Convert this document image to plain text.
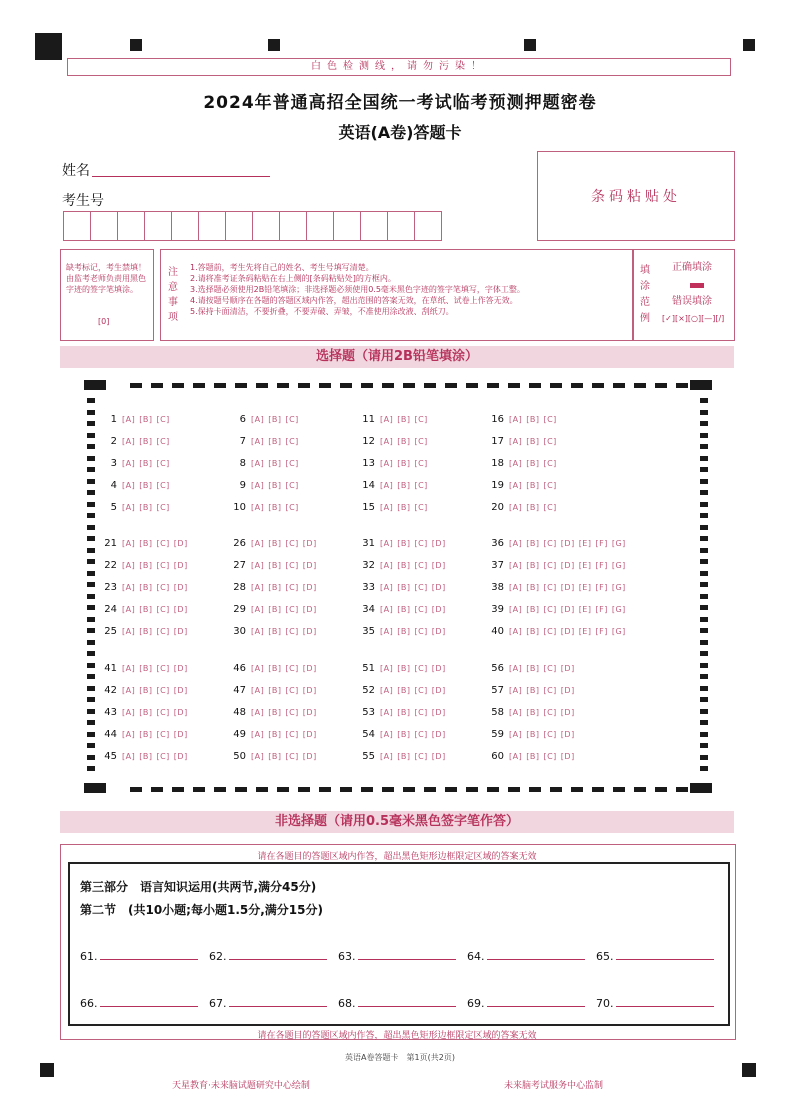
白色检测线，请勿污染！
2024年普通高招全国统一考试临考预测押题密卷
英语(A卷)答题卡
姓名
考生号	条码粘贴处
缺考标记，考生禁填！由监考老师负责用黑色字迹的签字笔填涂。
[0]
注意事项
1.答题前，考生先将自己的姓名、考生号填写清楚。
2.请将准考证条码粘贴在右上侧的[条码粘贴处]的方框内。
3.选择题必须使用2B铅笔填涂；非选择题必须使用0.5毫米黑色字迹的签字笔填写，字体工整。
4.请按题号顺序在各题的答题区域内作答，超出范围的答案无效，在草纸、试卷上作答无效。
5.保持卡面清洁，不要折叠，不要弄破、弄皱，不准使用涂改液、刮纸刀。
填涂范例
正确填涂
错误填涂
[✓][×][○][—][/]
选择题（请用2B铅笔填涂）
1 [A] [B] [C]
2 [A] [B] [C]
3 [A] [B] [C]
4 [A] [B] [C]
5 [A] [B] [C]
6 [A] [B] [C]
7 [A] [B] [C]
8 [A] [B] [C]
9 [A] [B] [C]
10 [A] [B] [C]
11 [A] [B] [C]
12 [A] [B] [C]
13 [A] [B] [C]
14 [A] [B] [C]
15 [A] [B] [C]
16 [A] [B] [C]
17 [A] [B] [C]
18 [A] [B] [C]
19 [A] [B] [C]
20 [A] [B] [C]
21 [A] [B] [C] [D]
22 [A] [B] [C] [D]
23 [A] [B] [C] [D]
24 [A] [B] [C] [D]
25 [A] [B] [C] [D]
26 [A] [B] [C] [D]
27 [A] [B] [C] [D]
28 [A] [B] [C] [D]
29 [A] [B] [C] [D]
30 [A] [B] [C] [D]
31 [A] [B] [C] [D]
32 [A] [B] [C] [D]
33 [A] [B] [C] [D]
34 [A] [B] [C] [D]
35 [A] [B] [C] [D]
36 [A] [B] [C] [D] [E] [F] [G]
37 [A] [B] [C] [D] [E] [F] [G]
38 [A] [B] [C] [D] [E] [F] [G]
39 [A] [B] [C] [D] [E] [F] [G]
40 [A] [B] [C] [D] [E] [F] [G]
41 [A] [B] [C] [D]
42 [A] [B] [C] [D]
43 [A] [B] [C] [D]
44 [A] [B] [C] [D]
45 [A] [B] [C] [D]
46 [A] [B] [C] [D]
47 [A] [B] [C] [D]
48 [A] [B] [C] [D]
49 [A] [B] [C] [D]
50 [A] [B] [C] [D]
51 [A] [B] [C] [D]
52 [A] [B] [C] [D]
53 [A] [B] [C] [D]
54 [A] [B] [C] [D]
55 [A] [B] [C] [D]
56 [A] [B] [C] [D]
57 [A] [B] [C] [D]
58 [A] [B] [C] [D]
59 [A] [B] [C] [D]
60 [A] [B] [C] [D]
非选择题（请用0.5毫米黑色签字笔作答）
请在各题目的答题区域内作答，超出黑色矩形边框限定区域的答案无效
第三部分　语言知识运用(共两节,满分45分)
第二节　(共10小题;每小题1.5分,满分15分)
61.	62.	63.	64.	65.
66.	67.	68.	69.	70.
请在各题目的答题区域内作答，超出黑色矩形边框限定区域的答案无效
英语A卷答题卡　第1页(共2页)
天星教育·未来脑试题研究中心绘制	未来脑考试服务中心监制
